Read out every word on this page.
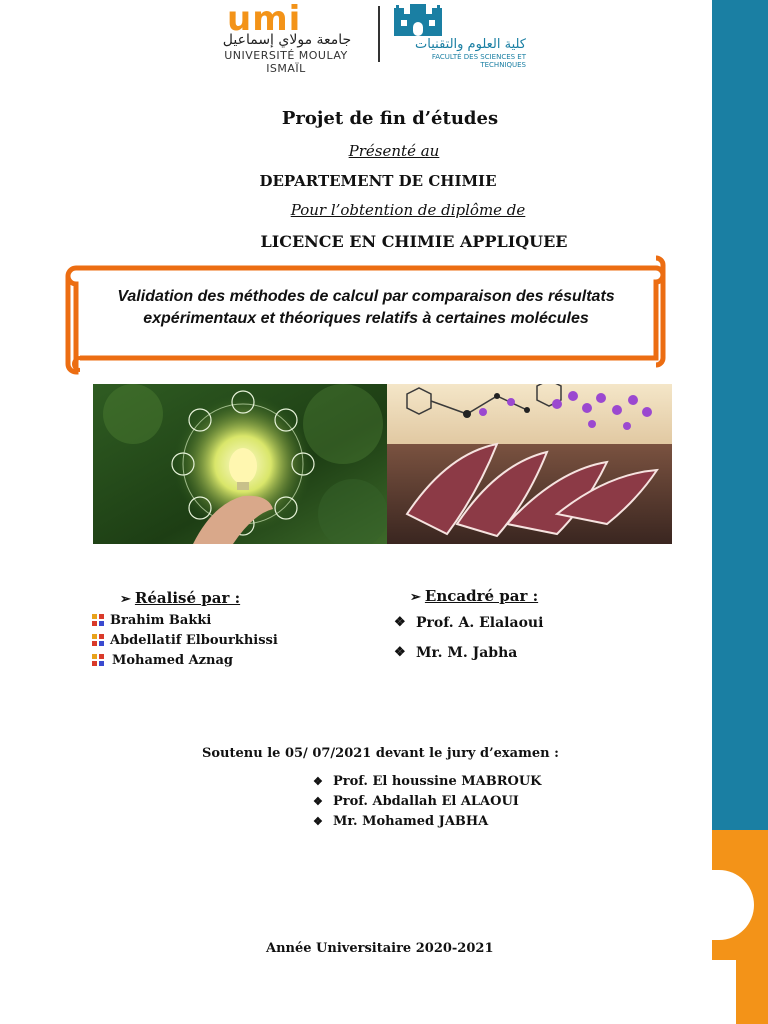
umi
جامعة مولاي إسماعيل
UNIVERSITÉ MOULAY ISMAÏL
كلية العلوم والتقنيات
FACULTÉ DES SCIENCES ET TECHNIQUES
Projet de fin d’études
Présenté au
DEPARTEMENT DE CHIMIE
Pour l’obtention de diplôme de
LICENCE EN CHIMIE APPLIQUEE
Validation des méthodes de calcul par comparaison des résultats expérimentaux et théoriques relatifs à certaines molécules
➢ Réalisé par :
Brahim Bakki
Abdellatif Elbourkhissi
Mohamed Aznag
➢ Encadré par :
❖ Prof. A. Elalaoui
❖ Mr. M. Jabha
Soutenu le 05/ 07/2021 devant le jury d’examen :
❖ Prof. El houssine MABROUK
❖ Prof. Abdallah El ALAOUI
❖ Mr. Mohamed JABHA
Année Universitaire 2020-2021
